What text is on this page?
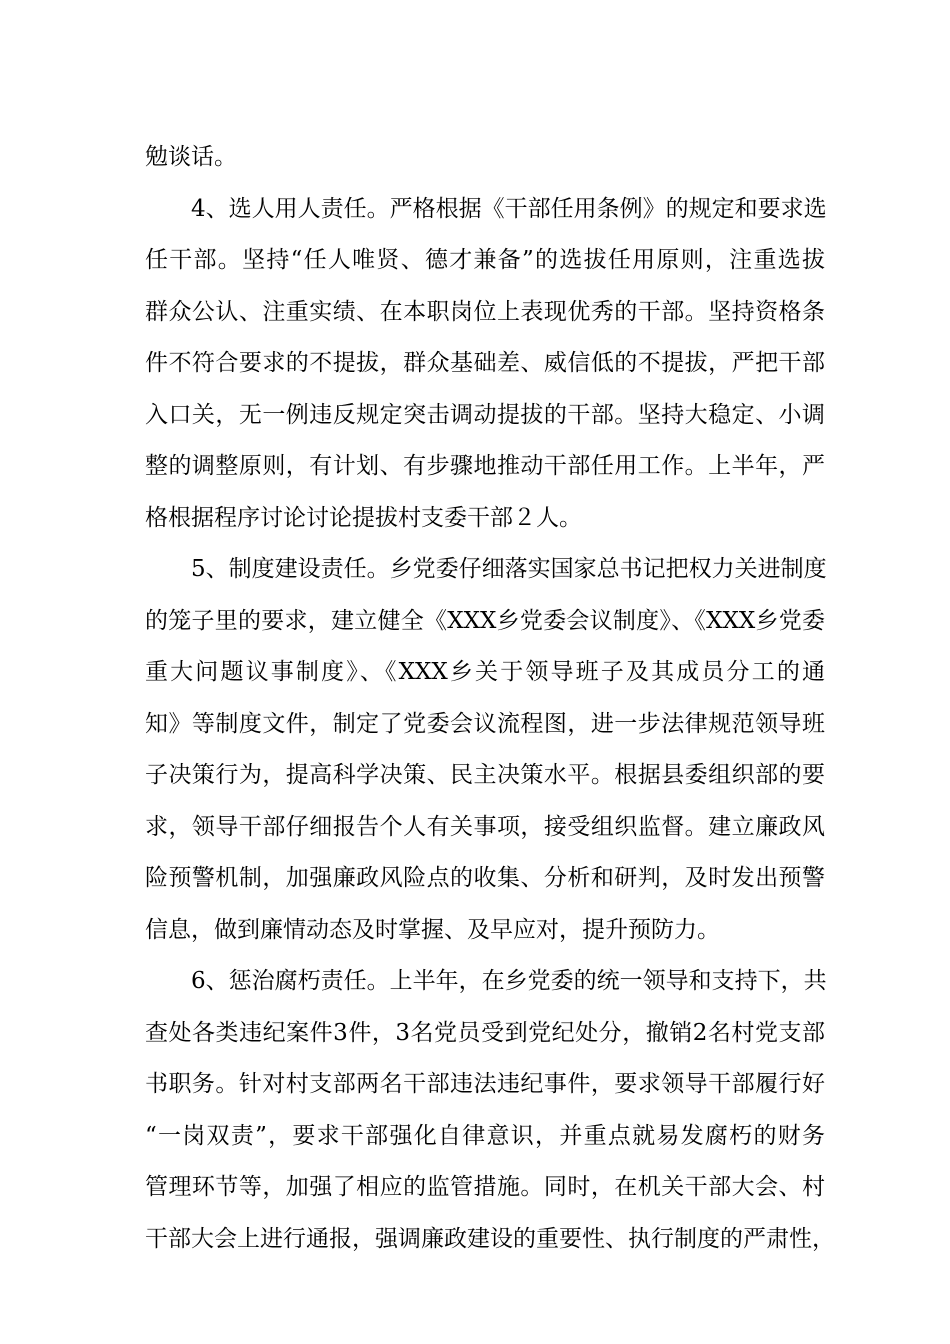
勉谈话。
4、选人用人责任。严格根据《干部任用条例》的规定和要求选
任干部。坚持“任人唯贤、德才兼备”的选拔任用原则，注重选拔
群众公认、注重实绩、在本职岗位上表现优秀的干部。坚持资格条
件不符合要求的不提拔，群众基础差、威信低的不提拔，严把干部
入口关，无一例违反规定突击调动提拔的干部。坚持大稳定、小调
整的调整原则，有计划、有步骤地推动干部任用工作。上半年，严
格根据程序讨论讨论提拔村支委干部２人。
5、制度建设责任。乡党委仔细落实国家总书记把权力关进制度
的笼子里的要求，建立健全《XXX乡党委会议制度》、《XXX乡党委
重大问题议事制度》、《XXX乡关于领导班子及其成员分工的通
知》等制度文件，制定了党委会议流程图，进一步法律规范领导班
子决策行为，提高科学决策、民主决策水平。根据县委组织部的要
求，领导干部仔细报告个人有关事项，接受组织监督。建立廉政风
险预警机制，加强廉政风险点的收集、分析和研判，及时发出预警
信息，做到廉情动态及时掌握、及早应对，提升预防力。
6、惩治腐朽责任。上半年，在乡党委的统一领导和支持下，共
查处各类违纪案件3件，3名党员受到党纪处分，撤销2名村党支部
书职务。针对村支部两名干部违法违纪事件，要求领导干部履行好
“一岗双责”，要求干部强化自律意识，并重点就易发腐朽的财务
管理环节等，加强了相应的监管措施。同时，在机关干部大会、村
干部大会上进行通报，强调廉政建设的重要性、执行制度的严肃性，
